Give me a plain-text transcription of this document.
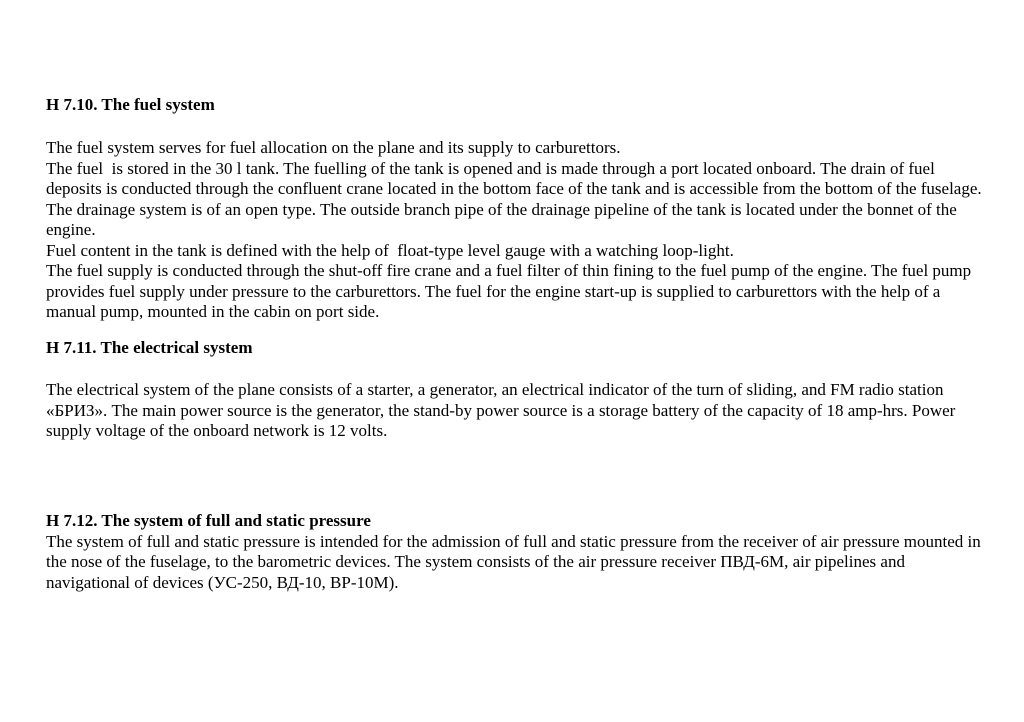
H 7.10. The fuel system
The fuel system serves for fuel allocation on the plane and its supply to carburettors.
The fuel  is stored in the 30 l tank. The fuelling of the tank is opened and is made through a port located onboard. The drain of fuel
deposits is conducted through the confluent crane located in the bottom face of the tank and is accessible from the bottom of the fuselage.
The drainage system is of an open type. The outside branch pipe of the drainage pipeline of the tank is located under the bonnet of the
engine.
Fuel content in the tank is defined with the help of  float-type level gauge with a watching loop-light.
The fuel supply is conducted through the shut-off fire crane and a fuel filter of thin fining to the fuel pump of the engine. The fuel pump
provides fuel supply under pressure to the carburettors. The fuel for the engine start-up is supplied to carburettors with the help of a
manual pump, mounted in the cabin on port side.
H 7.11. The electrical system
The electrical system of the plane consists of a starter, a generator, an electrical indicator of the turn of sliding, and FM radio station
«БРИЗ». The main power source is the generator, the stand-by power source is a storage battery of the capacity of 18 amp-hrs. Power
supply voltage of the onboard network is 12 volts.
H 7.12. The system of full and static pressure
The system of full and static pressure is intended for the admission of full and static pressure from the receiver of air pressure mounted in
the nose of the fuselage, to the barometric devices. The system consists of the air pressure receiver ПВД-6М, air pipelines and
navigational of devices (УС-250, ВД-10, ВР-10М).
